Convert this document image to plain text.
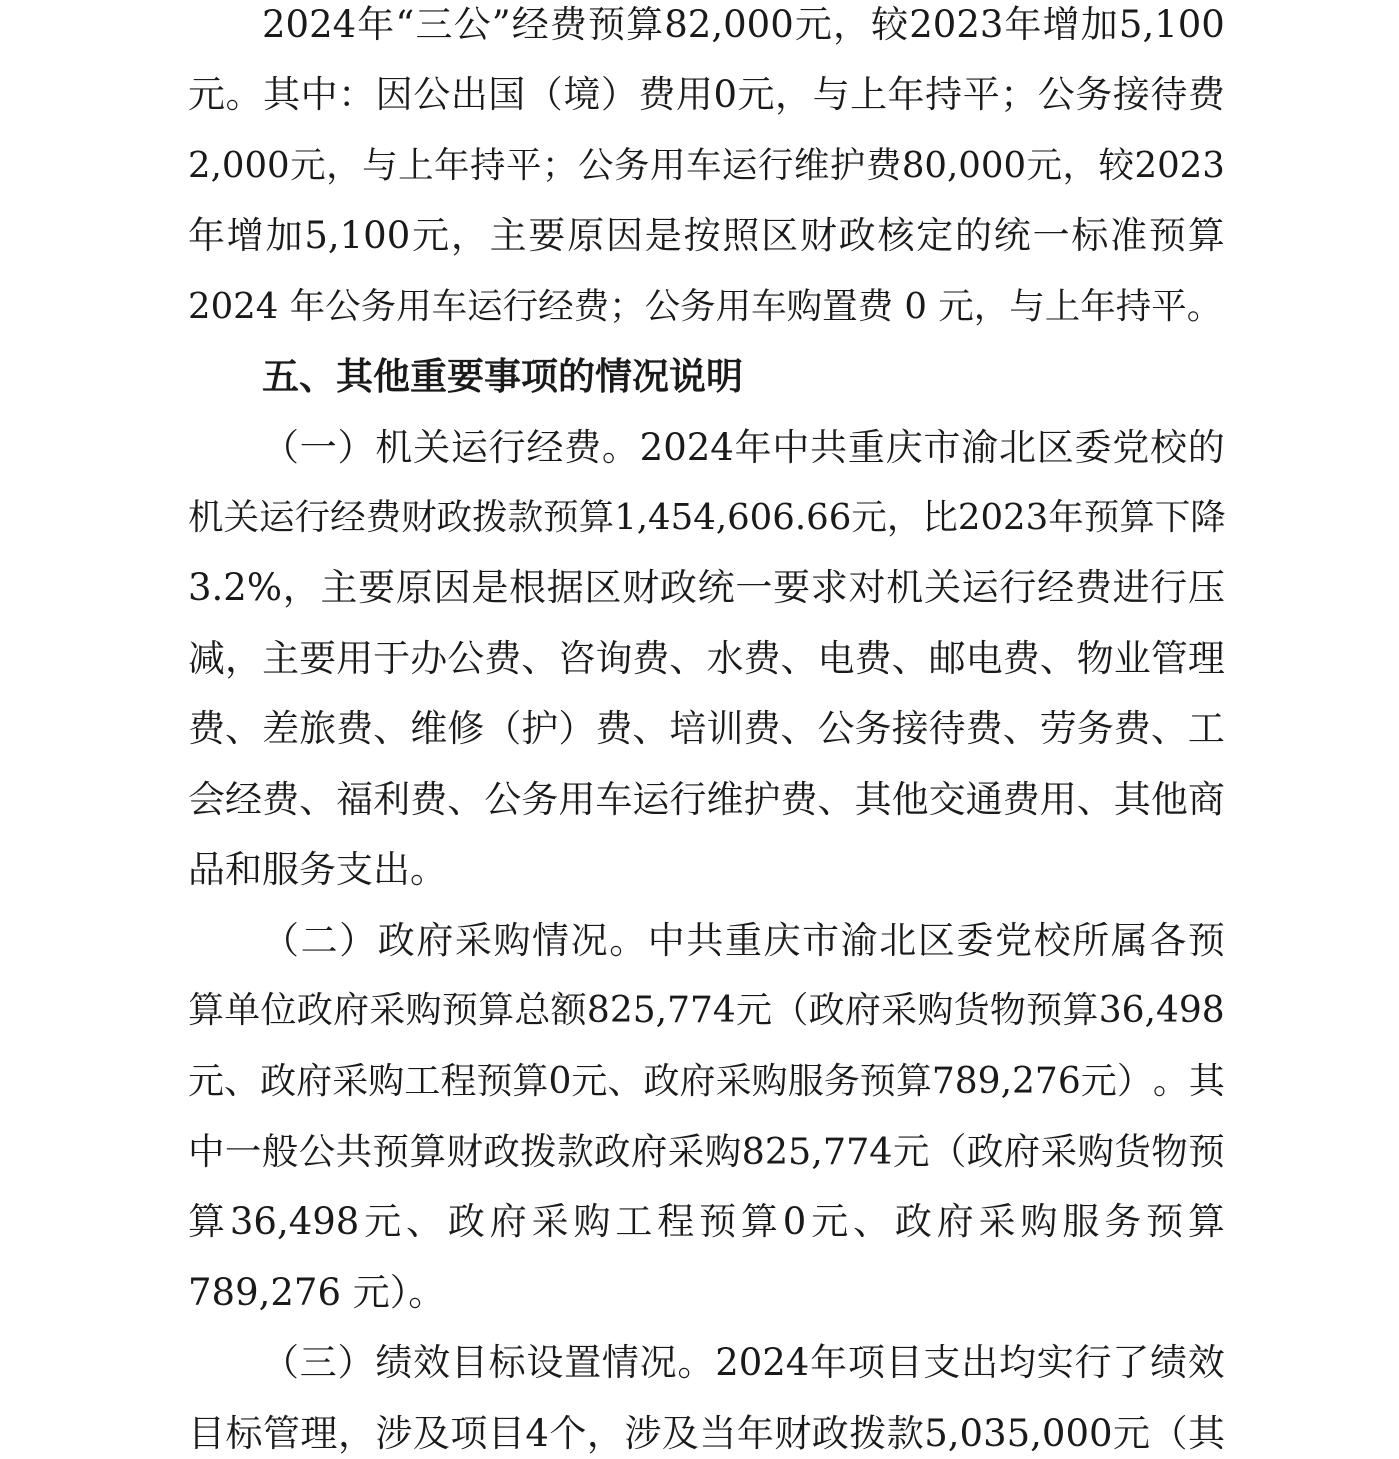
2024 年 “ 三 公 ” 经 费 预 算 82,000 元 ， 较 2023 年 增 加 5,100
元 。 其 中 ： 因 公 出 国 （ 境 ） 费 用 0 元 ， 与 上 年 持 平 ； 公 务 接 待 费
2,000 元 ， 与 上 年 持 平 ； 公 务 用 车 运 行 维 护 费 80,000 元 ， 较 2023
年 增 加 5,100 元 ， 主 要 原 因 是 按 照 区 财 政 核 定 的 统 一 标 准 预 算
2024 年公务用车运行经费；公务用车购置费 0 元，与上年持平。
五、其他重要事项的情况说明
（ 一 ） 机 关 运 行 经 费 。 2024 年 中 共 重 庆 市 渝 北 区 委 党 校 的
机 关 运 行 经 费 财 政 拨 款 预 算 1,454,606.66 元 ， 比 2023 年 预 算 下 降
3.2% ， 主 要 原 因 是 根 据 区 财 政 统 一 要 求 对 机 关 运 行 经 费 进 行 压
减 ， 主 要 用 于 办 公 费 、 咨 询 费 、 水 费 、 电 费 、 邮 电 费 、 物 业 管 理
费 、 差 旅 费 、 维 修 （ 护 ） 费 、 培 训 费 、 公 务 接 待 费 、 劳 务 费 、 工
会 经 费 、 福 利 费 、 公 务 用 车 运 行 维 护 费 、 其 他 交 通 费 用 、 其 他 商
品和服务支出。
（ 二 ） 政 府 采 购 情 况 。 中 共 重 庆 市 渝 北 区 委 党 校 所 属 各 预
算 单 位 政 府 采 购 预 算 总 额 825,774 元 （ 政 府 采 购 货 物 预 算 36,498
元 、 政 府 采 购 工 程 预 算 0 元 、 政 府 采 购 服 务 预 算 789,276 元 ） 。 其
中 一 般 公 共 预 算 财 政 拨 款 政 府 采 购 825,774 元 （ 政 府 采 购 货 物 预
算 36,498 元 、 政 府 采 购 工 程 预 算 0 元 、 政 府 采 购 服 务 预 算
789,276 元）。
（ 三 ） 绩 效 目 标 设 置 情 况 。 2024 年 项 目 支 出 均 实 行 了 绩 效
目 标 管 理 ， 涉 及 项 目 4 个 ， 涉 及 当 年 财 政 拨 款 5,035,000 元 （ 其
